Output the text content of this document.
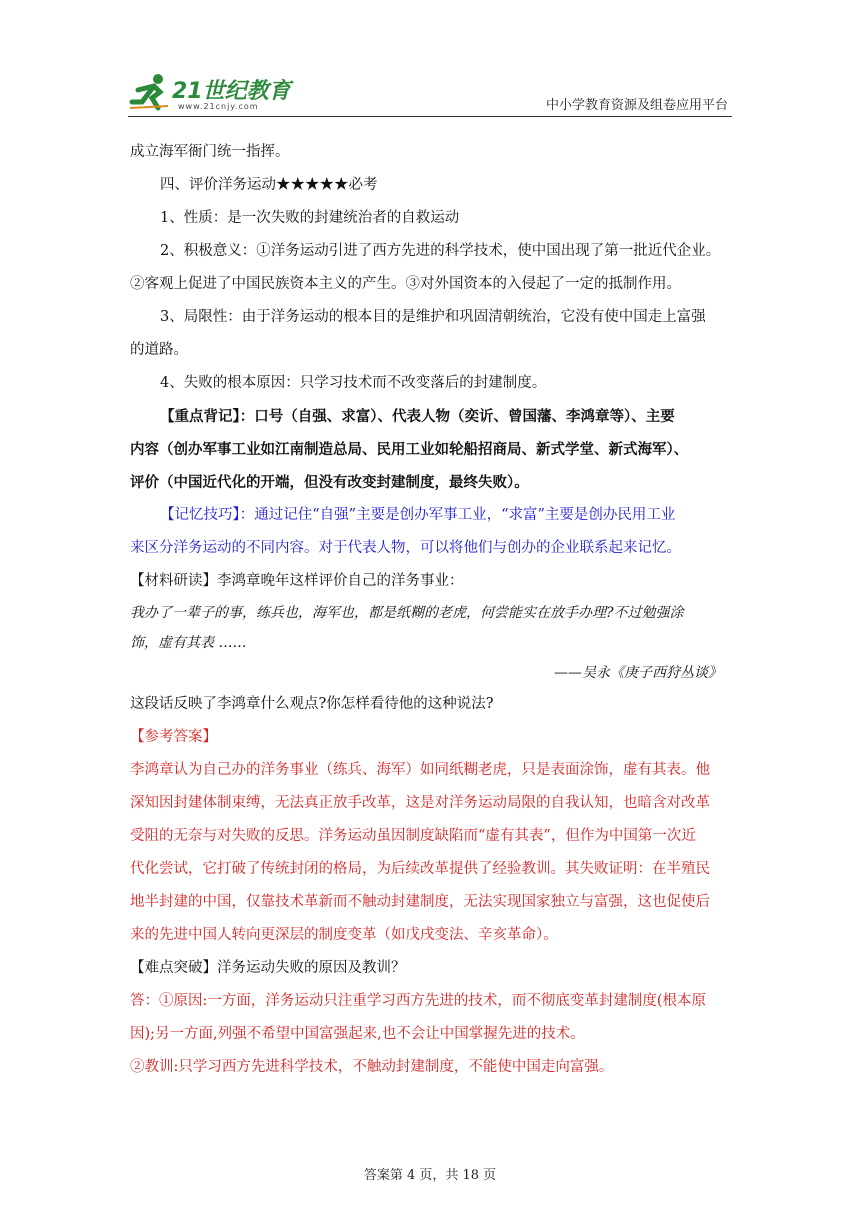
21世纪教育
www.21cnjy.com	中小学教育资源及组卷应用平台

成立海军衙门统一指挥。

四、评价洋务运动★★★★★必考

1、性质：是一次失败的封建统治者的自救运动

2、积极意义：①洋务运动引进了西方先进的科学技术，使中国出现了第一批近代企业。

②客观上促进了中国民族资本主义的产生。③对外国资本的入侵起了一定的抵制作用。

3、局限性：由于洋务运动的根本目的是维护和巩固清朝统治，它没有使中国走上富强

的道路。

4、失败的根本原因：只学习技术而不改变落后的封建制度。

【重点背记】：口号（自强、求富）、代表人物（奕䜣、曾国藩、李鸿章等）、主要

内容（创办军事工业如江南制造总局、民用工业如轮船招商局、新式学堂、新式海军）、

评价（中国近代化的开端，但没有改变封建制度，最终失败）。

【记忆技巧】：通过记住“自强”主要是创办军事工业，“求富”主要是创办民用工业

来区分洋务运动的不同内容。对于代表人物，可以将他们与创办的企业联系起来记忆。

【材料研读】李鸿章晚年这样评价自己的洋务事业：

我办了一辈子的事，练兵也，海军也，都是纸糊的老虎，何尝能实在放手办理?不过勉强涂

饰，虚有其表 ……

——吴永《庚子西狩丛谈》

这段话反映了李鸿章什么观点?你怎样看待他的这种说法?

【参考答案】

李鸿章认为自己办的洋务事业（练兵、海军）如同纸糊老虎，只是表面涂饰，虚有其表。他

深知因封建体制束缚，无法真正放手改革，这是对洋务运动局限的自我认知，也暗含对改革

受阻的无奈与对失败的反思。洋务运动虽因制度缺陷而“虚有其表”，但作为中国第一次近

代化尝试，它打破了传统封闭的格局，为后续改革提供了经验教训。其失败证明：在半殖民

地半封建的中国，仅靠技术革新而不触动封建制度，无法实现国家独立与富强，这也促使后

来的先进中国人转向更深层的制度变革（如戊戌变法、辛亥革命）。

【难点突破】洋务运动失败的原因及教训？

答：①原因:一方面，洋务运动只注重学习西方先进的技术，而不彻底变革封建制度(根本原

因);另一方面,列强不希望中国富强起来,也不会让中国掌握先进的技术。

②教训:只学习西方先进科学技术，不触动封建制度，不能使中国走向富强。

答案第 4 页，共 18 页
